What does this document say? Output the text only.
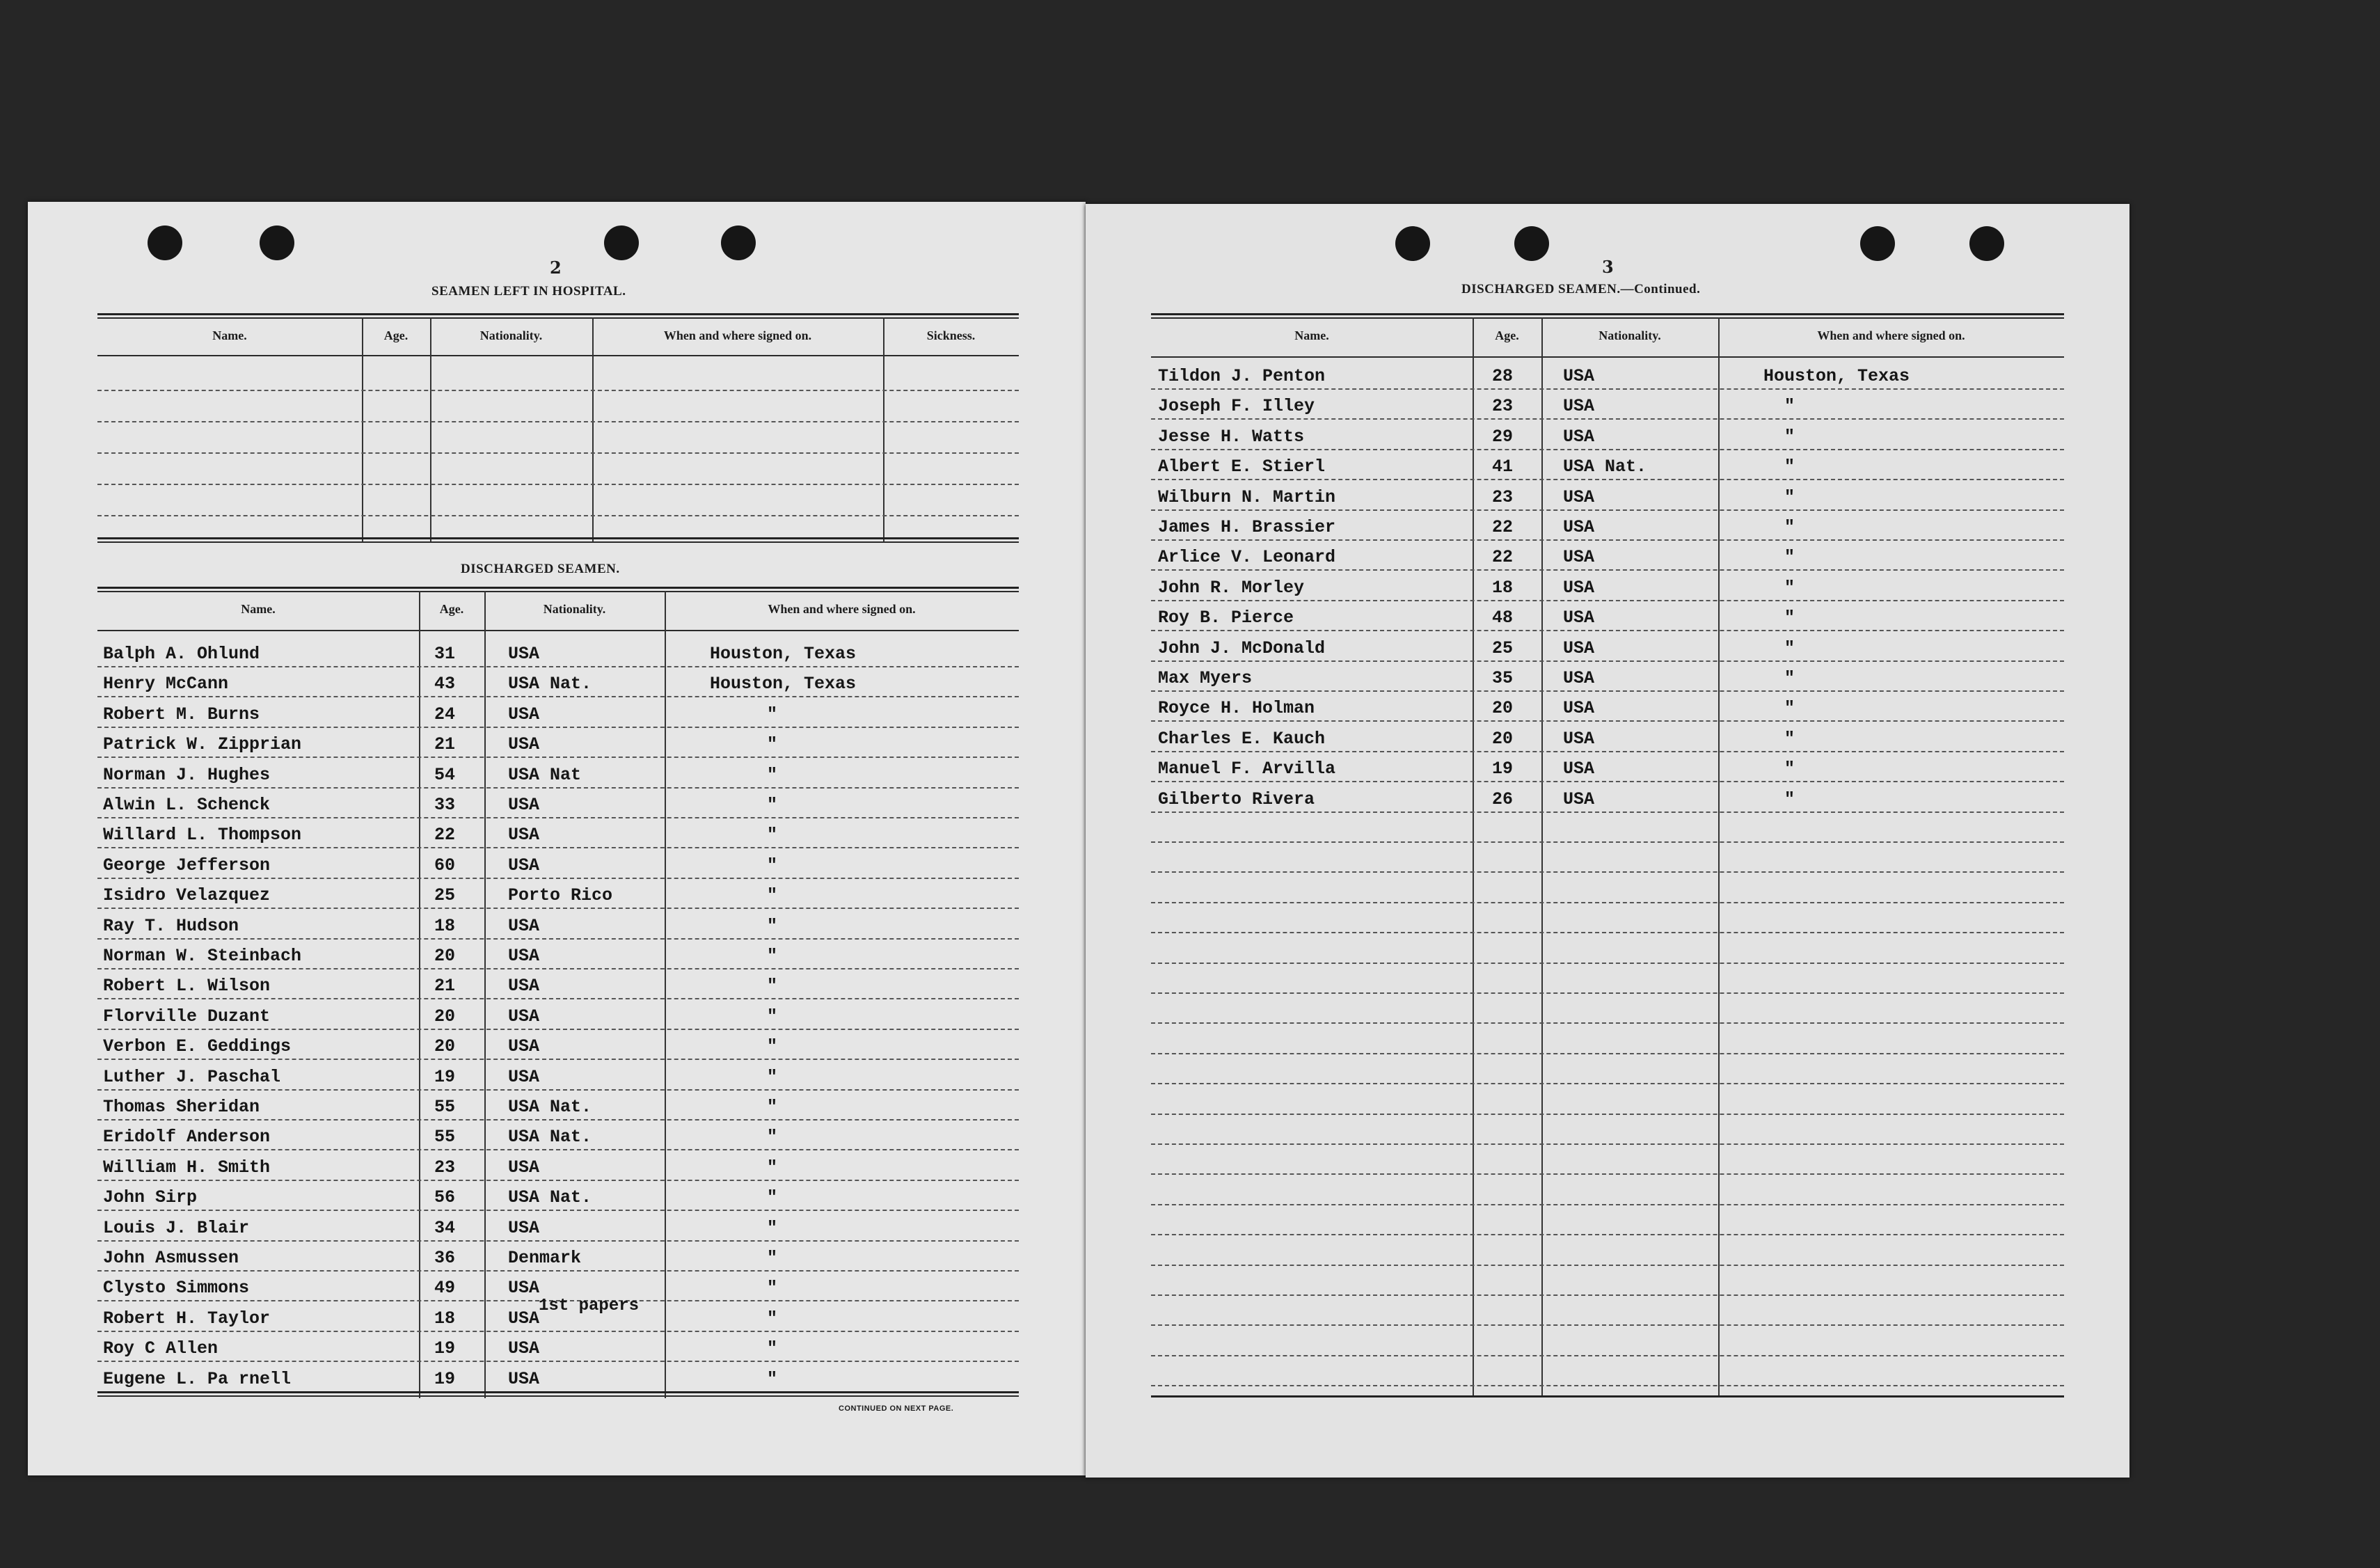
2
SEAMEN LEFT IN HOSPITAL.
Name.	Age.	Nationality.	When and where signed on.	Sickness.
DISCHARGED SEAMEN.
Name.	Age.	Nationality.	When and where signed on.
Balph A. Ohlund	31	USA	Houston, Texas
Henry McCann	43	USA Nat.	Houston, Texas
Robert M. Burns	24	USA	"
Patrick W. Zipprian	21	USA	"
Norman J. Hughes	54	USA Nat	"
Alwin L. Schenck	33	USA	"
Willard L. Thompson	22	USA	"
George Jefferson	60	USA	"
Isidro Velazquez	25	Porto Rico	"
Ray T. Hudson	18	USA	"
Norman W. Steinbach	20	USA	"
Robert L. Wilson	21	USA	"
Florville Duzant	20	USA	"
Verbon E. Geddings	20	USA	"
Luther J. Paschal	19	USA	"
Thomas Sheridan	55	USA Nat.	"
Eridolf Anderson	55	USA Nat.	"
William H. Smith	23	USA	"
John Sirp	56	USA Nat.	"
Louis J. Blair	34	USA	"
John Asmussen	36	Denmark	"
Clysto Simmons	49	USA	"
Robert H. Taylor	18	USA	"
Roy C Allen	19	USA	"
Eugene L. Pa rnell	19	USA	"
1st papers
CONTINUED ON NEXT PAGE.
3
DISCHARGED SEAMEN.—Continued.
Name.	Age.	Nationality.	When and where signed on.
Tildon J. Penton	28	USA	Houston, Texas
Joseph F. Illey	23	USA	"
Jesse H. Watts	29	USA	"
Albert E. Stierl	41	USA Nat.	"
Wilburn N. Martin	23	USA	"
James H. Brassier	22	USA	"
Arlice V. Leonard	22	USA	"
John R. Morley	18	USA	"
Roy B. Pierce	48	USA	"
John J. McDonald	25	USA	"
Max Myers	35	USA	"
Royce H. Holman	20	USA	"
Charles E. Kauch	20	USA	"
Manuel F. Arvilla	19	USA	"
Gilberto Rivera	26	USA	"
